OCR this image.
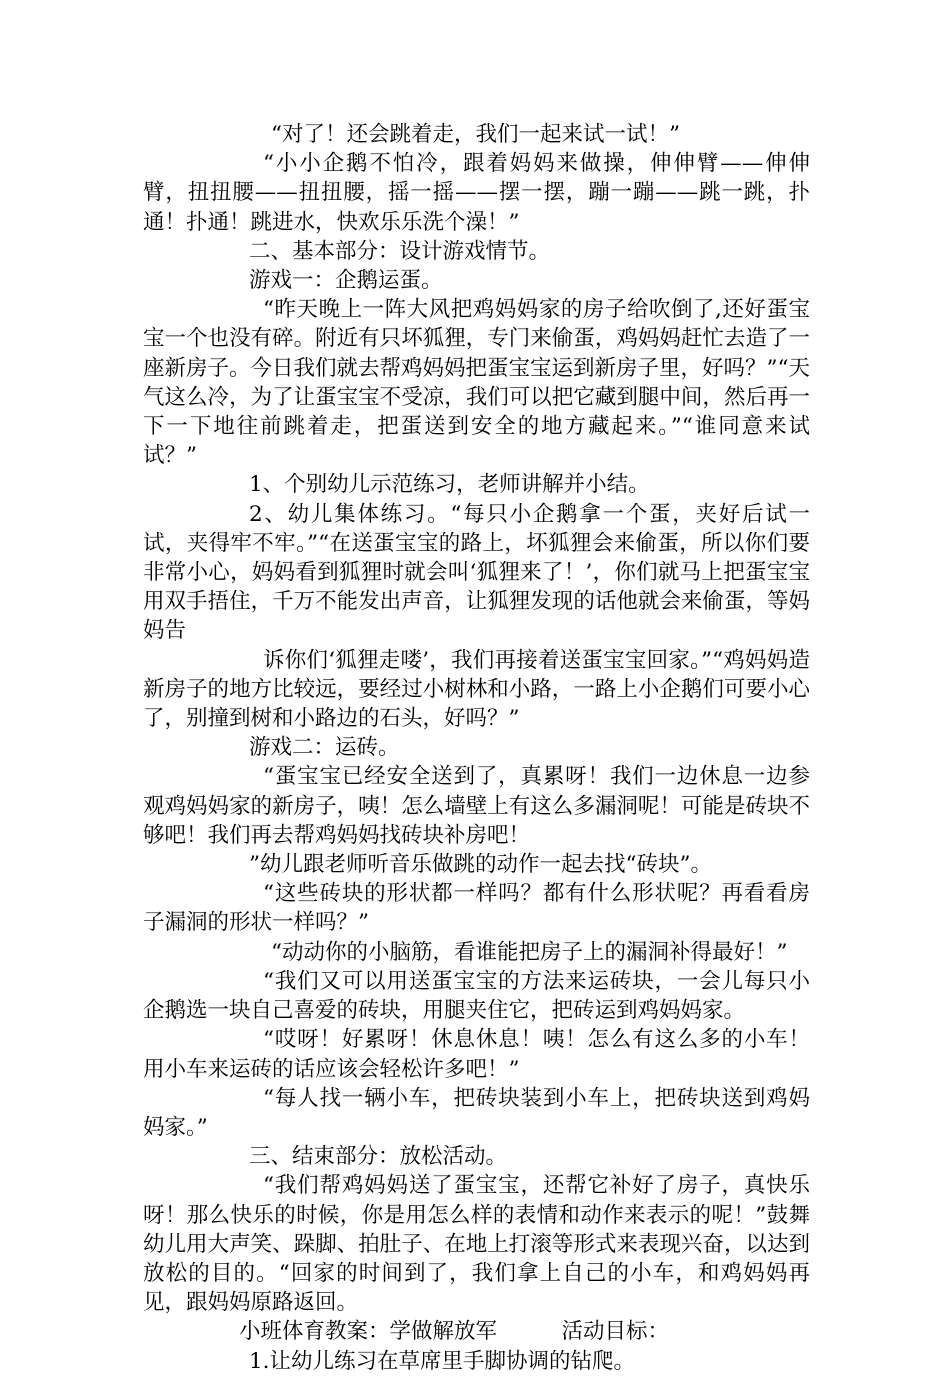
“对了！还会跳着走，我们一起来试一试！”

“小小企鹅不怕冷，跟着妈妈来做操，伸伸臂——伸伸臂，扭扭腰——扭扭腰，摇一摇——摆一摆，蹦一蹦——跳一跳，扑通！扑通！跳进水，快欢乐乐洗个澡！”

二、基本部分：设计游戏情节。

游戏一：企鹅运蛋。

“昨天晚上一阵大风把鸡妈妈家的房子给吹倒了,还好蛋宝宝一个也没有碎。附近有只坏狐狸，专门来偷蛋，鸡妈妈赶忙去造了一座新房子。今日我们就去帮鸡妈妈把蛋宝宝运到新房子里，好吗？”“天气这么冷，为了让蛋宝宝不受凉，我们可以把它藏到腿中间，然后再一下一下地往前跳着走，把蛋送到安全的地方藏起来。”“谁同意来试试？”

1、个别幼儿示范练习，老师讲解并小结。

2、幼儿集体练习。“每只小企鹅拿一个蛋，夹好后试一试，夹得牢不牢。”“在送蛋宝宝的路上，坏狐狸会来偷蛋，所以你们要非常小心，妈妈看到狐狸时就会叫‘狐狸来了！’，你们就马上把蛋宝宝用双手捂住，千万不能发出声音，让狐狸发现的话他就会来偷蛋，等妈妈告

诉你们‘狐狸走喽’，我们再接着送蛋宝宝回家。”“鸡妈妈造新房子的地方比较远，要经过小树林和小路，一路上小企鹅们可要小心了，别撞到树和小路边的石头，好吗？”

游戏二：运砖。

“蛋宝宝已经安全送到了，真累呀！我们一边休息一边参观鸡妈妈家的新房子，咦！怎么墙壁上有这么多漏洞呢！可能是砖块不够吧！我们再去帮鸡妈妈找砖块补房吧！

”幼儿跟老师听音乐做跳的动作一起去找“砖块”。

“这些砖块的形状都一样吗？都有什么形状呢？再看看房子漏洞的形状一样吗？”

“动动你的小脑筋，看谁能把房子上的漏洞补得最好！”

“我们又可以用送蛋宝宝的方法来运砖块，一会儿每只小企鹅选一块自己喜爱的砖块，用腿夹住它，把砖运到鸡妈妈家。

“哎呀！好累呀！休息休息！咦！怎么有这么多的小车！用小车来运砖的话应该会轻松许多吧！”

“每人找一辆小车，把砖块装到小车上，把砖块送到鸡妈妈家。”

三、结束部分：放松活动。

“我们帮鸡妈妈送了蛋宝宝，还帮它补好了房子，真快乐呀！那么快乐的时候，你是用怎么样的表情和动作来表示的呢！”鼓舞幼儿用大声笑、跺脚、拍肚子、在地上打滚等形式来表现兴奋，以达到放松的目的。“回家的时间到了，我们拿上自己的小车，和鸡妈妈再见，跟妈妈原路返回。

小班体育教案：学做解放军　　　活动目标：

1.让幼儿练习在草席里手脚协调的钻爬。
